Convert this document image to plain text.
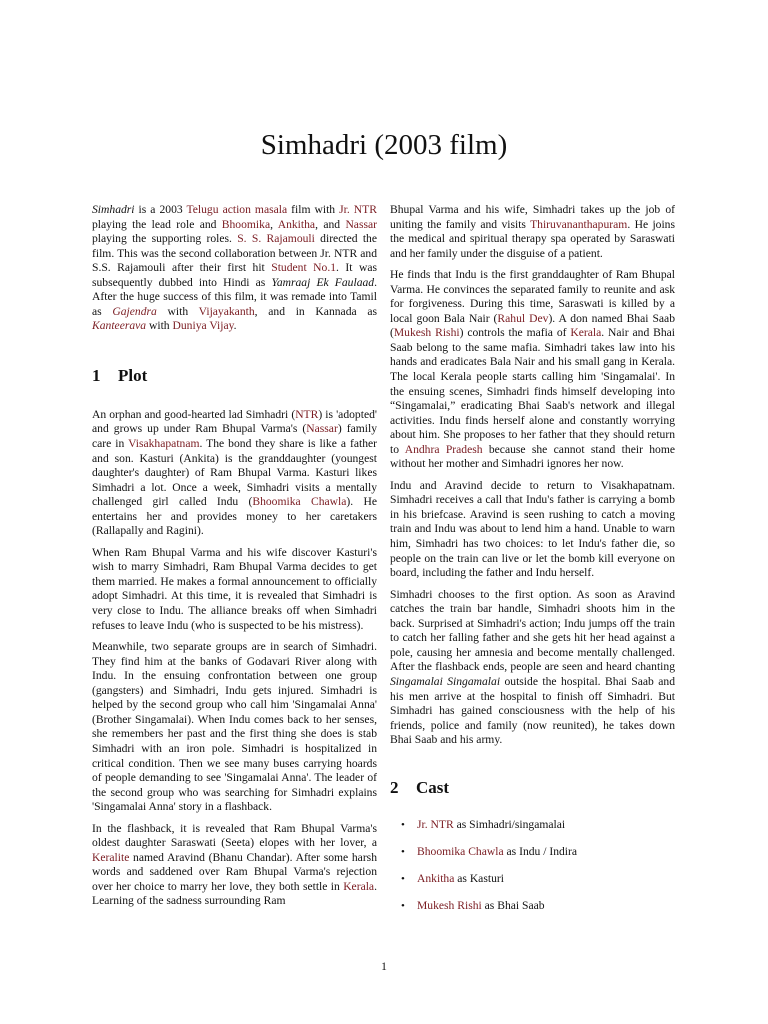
Simhadri (2003 film)

Simhadri is a 2003 Telugu action masala film with Jr. NTR playing the lead role and Bhoomika, Ankitha, and Nassar playing the supporting roles. S. S. Rajamouli directed the film. This was the second collaboration between Jr. NTR and S.S. Rajamouli after their first hit Student No.1. It was subsequently dubbed into Hindi as Yamraaj Ek Faulaad. After the huge success of this film, it was remade into Tamil as Gajendra with Vijayakanth, and in Kannada as Kanteerava with Duniya Vijay.

1 Plot

An orphan and good-hearted lad Simhadri (NTR) is 'adopted' and grows up under Ram Bhupal Varma's (Nassar) family care in Visakhapatnam. The bond they share is like a father and son. Kasturi (Ankita) is the granddaughter (youngest daughter's daughter) of Ram Bhupal Varma. Kasturi likes Simhadri a lot. Once a week, Simhadri visits a mentally challenged girl called Indu (Bhoomika Chawla). He entertains her and provides money to her caretakers (Rallapally and Ragini).

When Ram Bhupal Varma and his wife discover Kasturi's wish to marry Simhadri, Ram Bhupal Varma decides to get them married. He makes a formal announcement to officially adopt Simhadri. At this time, it is revealed that Simhadri is very close to Indu. The alliance breaks off when Simhadri refuses to leave Indu (who is suspected to be his mistress).

Meanwhile, two separate groups are in search of Simhadri. They find him at the banks of Godavari River along with Indu. In the ensuing confrontation between one group (gangsters) and Simhadri, Indu gets injured. Simhadri is helped by the second group who call him 'Singamalai Anna' (Brother Singamalai). When Indu comes back to her senses, she remembers her past and the first thing she does is stab Simhadri with an iron pole. Simhadri is hospitalized in critical condition. Then we see many buses carrying hoards of people demanding to see 'Singamalai Anna'. The leader of the second group who was searching for Simhadri explains 'Singamalai Anna' story in a flashback.

In the flashback, it is revealed that Ram Bhupal Varma's oldest daughter Saraswati (Seeta) elopes with her lover, a Keralite named Aravind (Bhanu Chandar). After some harsh words and saddened over Ram Bhupal Varma's rejection over her choice to marry her love, they both settle in Kerala. Learning of the sadness surrounding Ram

Bhupal Varma and his wife, Simhadri takes up the job of uniting the family and visits Thiruvananthapuram. He joins the medical and spiritual therapy spa operated by Saraswati and her family under the disguise of a patient.

He finds that Indu is the first granddaughter of Ram Bhupal Varma. He convinces the separated family to reunite and ask for forgiveness. During this time, Saraswati is killed by a local goon Bala Nair (Rahul Dev). A don named Bhai Saab (Mukesh Rishi) controls the mafia of Kerala. Nair and Bhai Saab belong to the same mafia. Simhadri takes law into his hands and eradicates Bala Nair and his small gang in Kerala. The local Kerala people starts calling him 'Singamalai'. In the ensuing scenes, Simhadri finds himself developing into “Singamalai,” eradicating Bhai Saab's network and illegal activities. Indu finds herself alone and constantly worrying about him. She proposes to her father that they should return to Andhra Pradesh because she cannot stand their home without her mother and Simhadri ignores her now.

Indu and Aravind decide to return to Visakhapatnam. Simhadri receives a call that Indu's father is carrying a bomb in his briefcase. Aravind is seen rushing to catch a moving train and Indu was about to lend him a hand. Unable to warn him, Simhadri has two choices: to let Indu's father die, so people on the train can live or let the bomb kill everyone on board, including the father and Indu herself.

Simhadri chooses to the first option. As soon as Aravind catches the train bar handle, Simhadri shoots him in the back. Surprised at Simhadri's action; Indu jumps off the train to catch her falling father and she gets hit her head against a pole, causing her amnesia and become mentally challenged. After the flashback ends, people are seen and heard chanting Singamalai Singamalai outside the hospital. Bhai Saab and his men arrive at the hospital to finish off Simhadri. But Simhadri has gained consciousness with the help of his friends, police and family (now reunited), he takes down Bhai Saab and his army.

2 Cast
• Jr. NTR as Simhadri/singamalai
• Bhoomika Chawla as Indu / Indira
• Ankitha as Kasturi
• Mukesh Rishi as Bhai Saab
1
